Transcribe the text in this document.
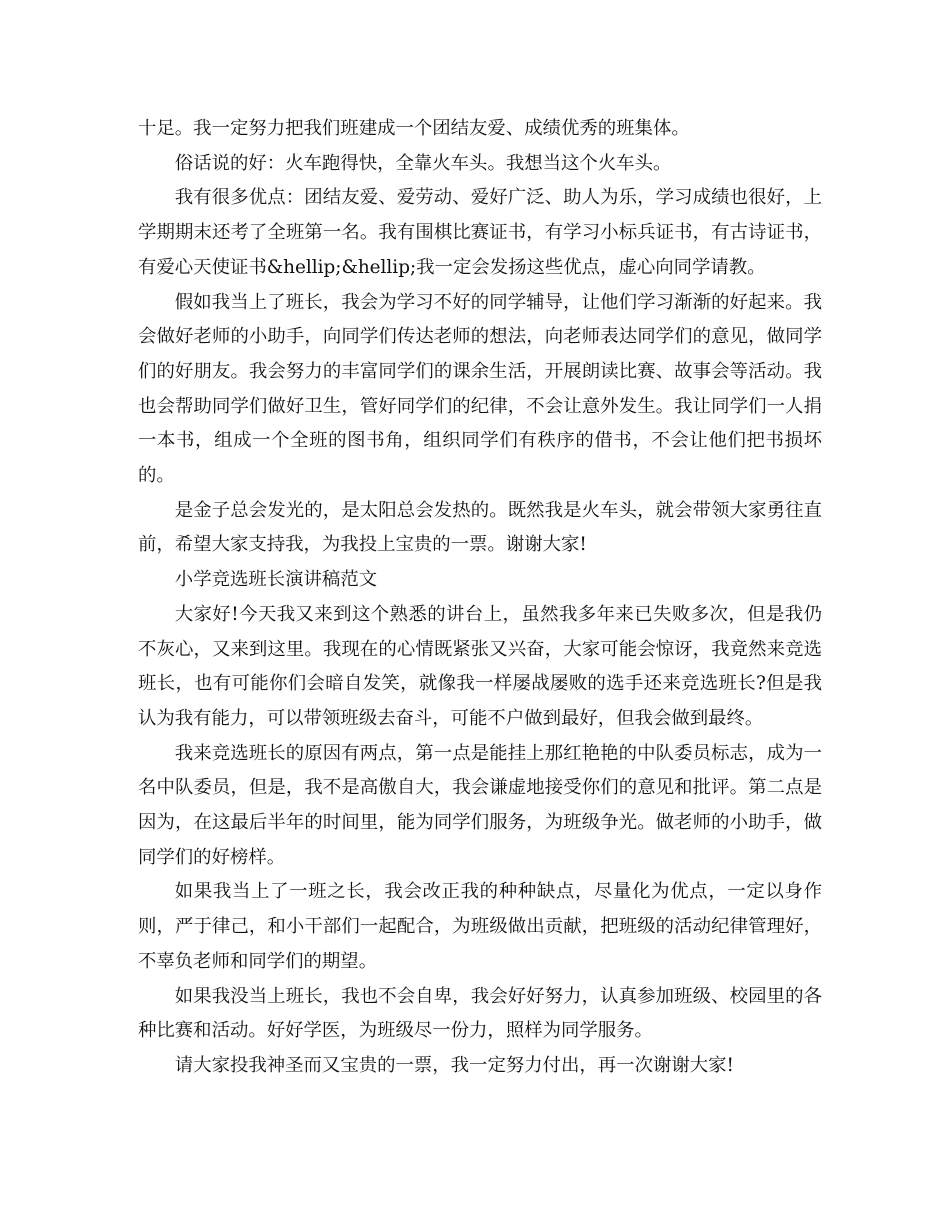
十足。我一定努力把我们班建成一个团结友爱、成绩优秀的班集体。

俗话说的好：火车跑得快，全靠火车头。我想当这个火车头。

我有很多优点：团结友爱、爱劳动、爱好广泛、助人为乐，学习成绩也很好，上学期期末还考了全班第一名。我有围棋比赛证书，有学习小标兵证书，有古诗证书，有爱心天使证书&hellip;&hellip;我一定会发扬这些优点，虚心向同学请教。

假如我当上了班长，我会为学习不好的同学辅导，让他们学习渐渐的好起来。我会做好老师的小助手，向同学们传达老师的想法，向老师表达同学们的意见，做同学们的好朋友。我会努力的丰富同学们的课余生活，开展朗读比赛、故事会等活动。我也会帮助同学们做好卫生，管好同学们的纪律，不会让意外发生。我让同学们一人捐一本书，组成一个全班的图书角，组织同学们有秩序的借书，不会让他们把书损坏的。

是金子总会发光的，是太阳总会发热的。既然我是火车头，就会带领大家勇往直前，希望大家支持我，为我投上宝贵的一票。谢谢大家!

小学竞选班长演讲稿范文

大家好!今天我又来到这个熟悉的讲台上，虽然我多年来已失败多次，但是我仍不灰心，又来到这里。我现在的心情既紧张又兴奋，大家可能会惊讶，我竟然来竞选班长，也有可能你们会暗自发笑，就像我一样屡战屡败的选手还来竞选班长?但是我认为我有能力，可以带领班级去奋斗，可能不户做到最好，但我会做到最终。

我来竞选班长的原因有两点，第一点是能挂上那红艳艳的中队委员标志，成为一名中队委员，但是，我不是高傲自大，我会谦虚地接受你们的意见和批评。第二点是因为，在这最后半年的时间里，能为同学们服务，为班级争光。做老师的小助手，做同学们的好榜样。

如果我当上了一班之长，我会改正我的种种缺点，尽量化为优点，一定以身作则，严于律己，和小干部们一起配合，为班级做出贡献，把班级的活动纪律管理好，不辜负老师和同学们的期望。

如果我没当上班长，我也不会自卑，我会好好努力，认真参加班级、校园里的各种比赛和活动。好好学医，为班级尽一份力，照样为同学服务。

请大家投我神圣而又宝贵的一票，我一定努力付出，再一次谢谢大家!
